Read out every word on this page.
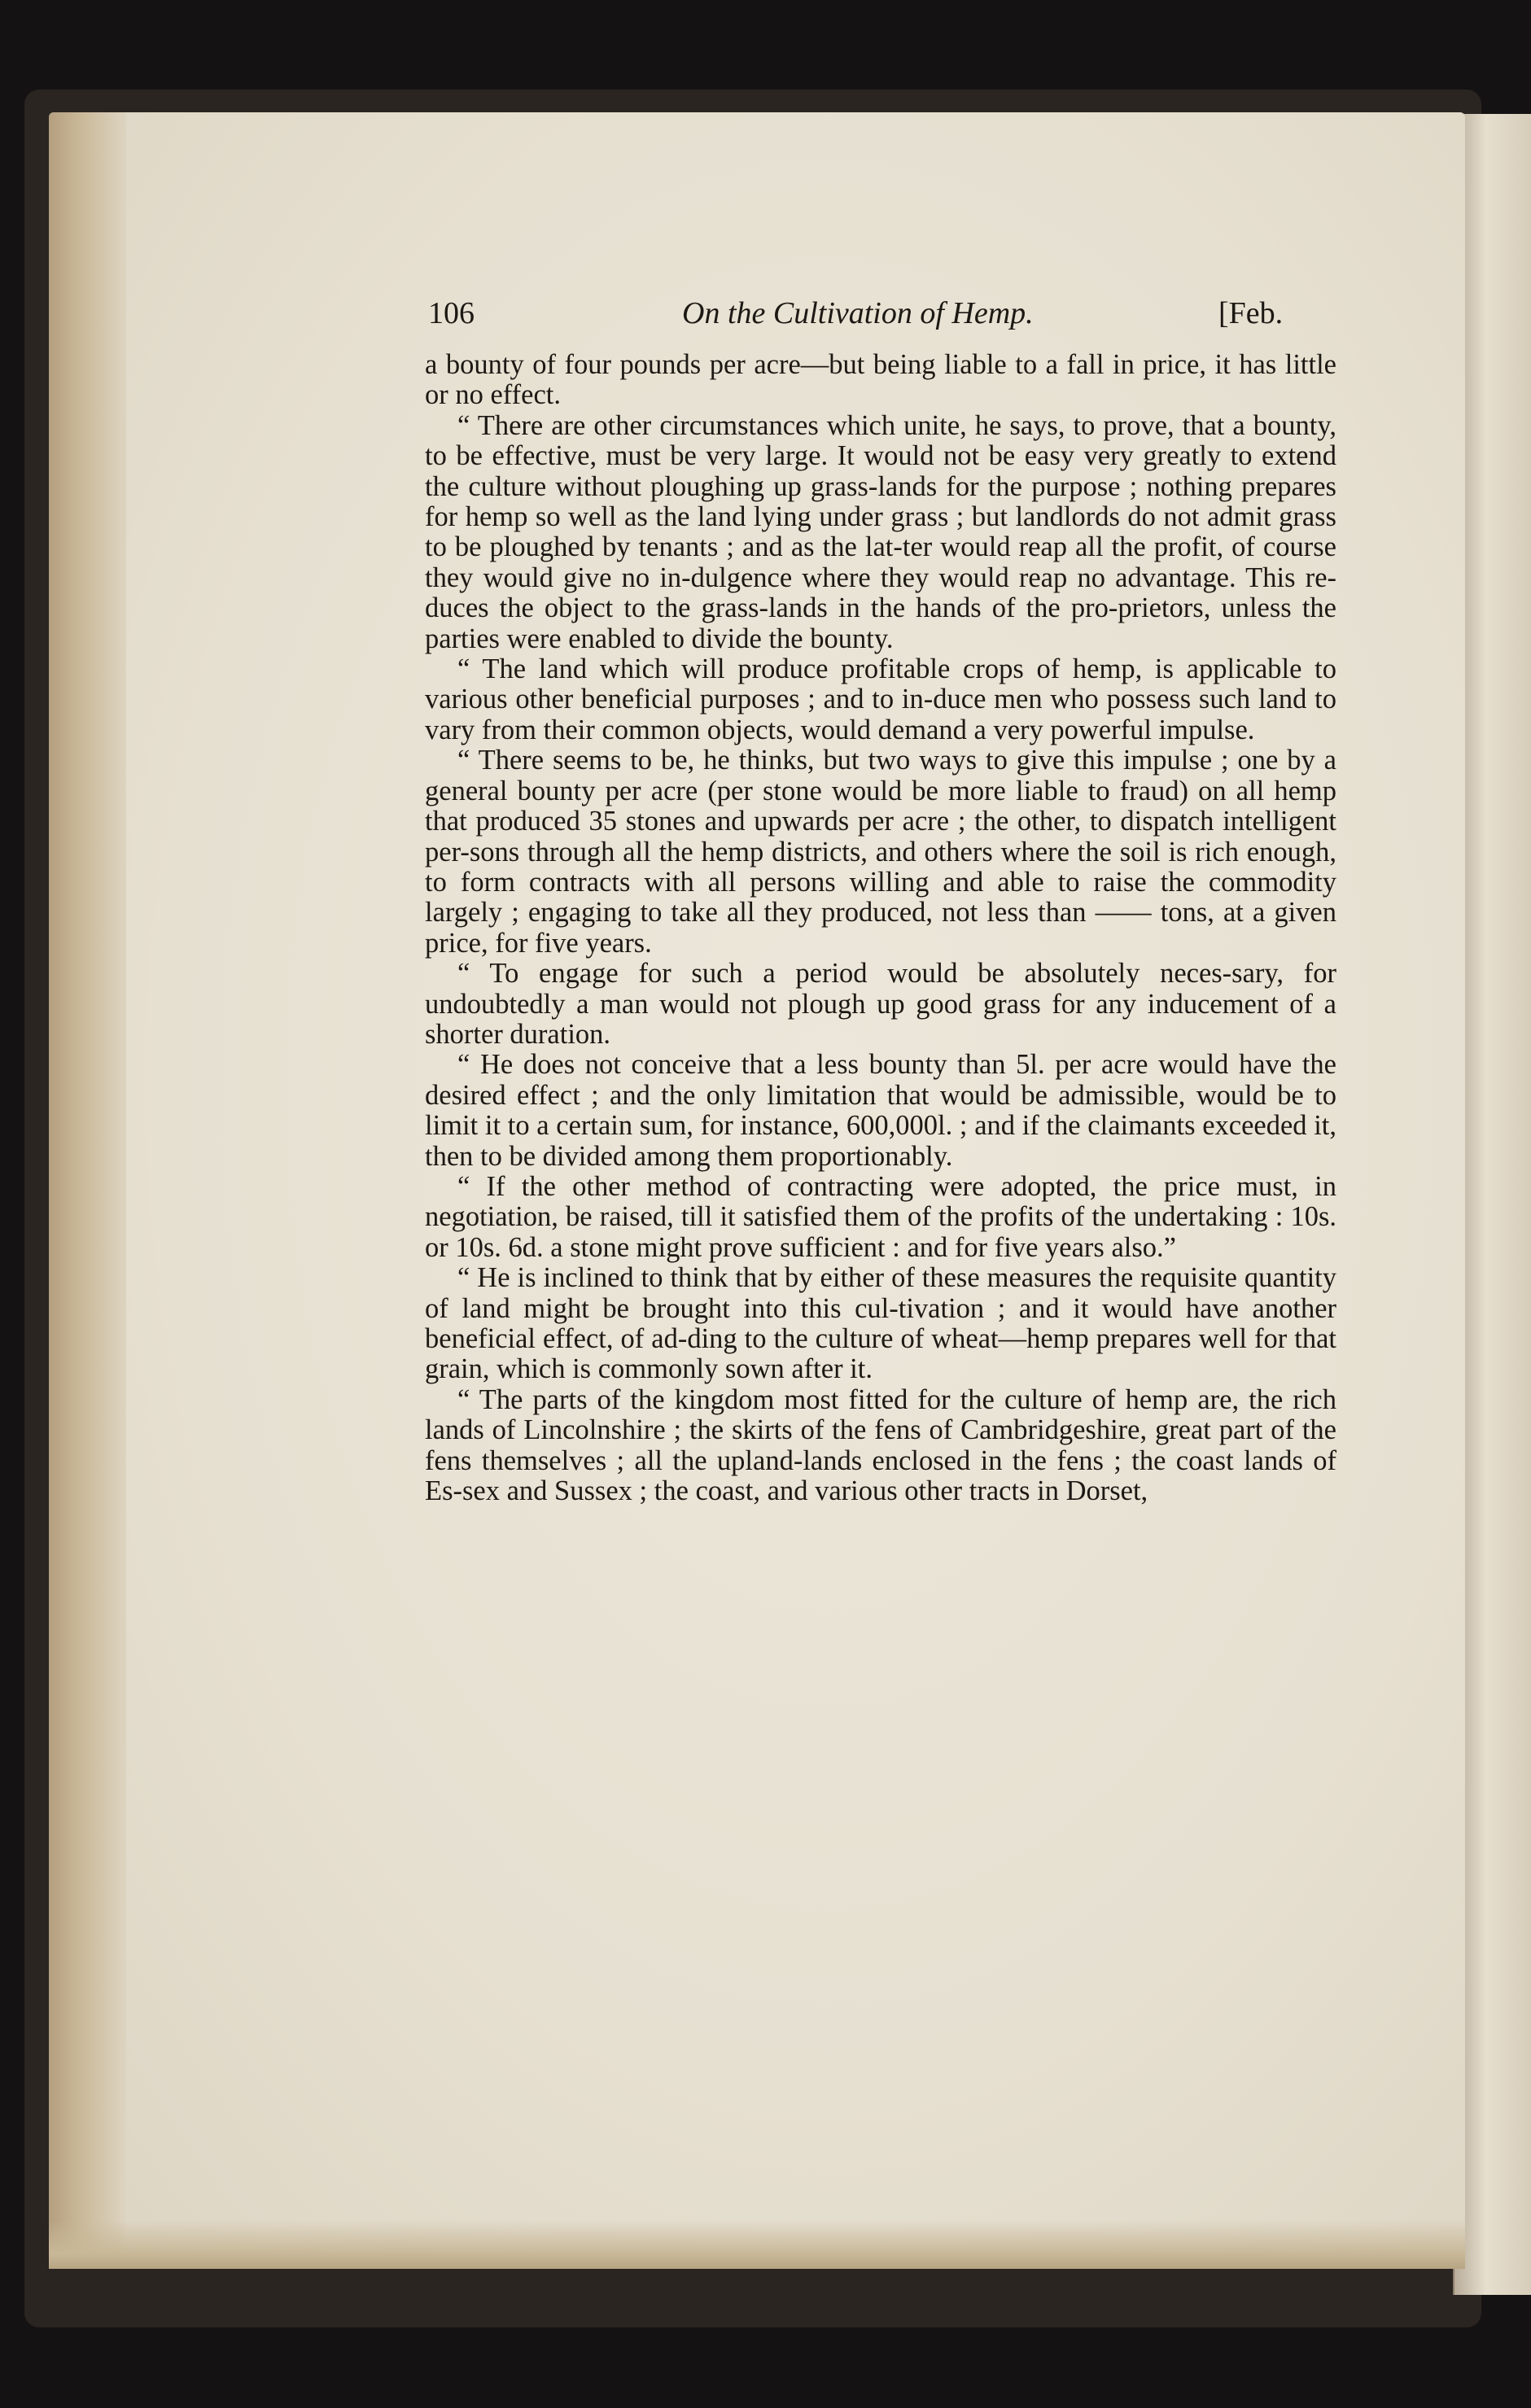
106	On the Cultivation of Hemp.	[Feb.

a bounty of four pounds per acre—but being liable to a fall in price, it has little or no effect.

“ There are other circumstances which unite, he says, to prove, that a bounty, to be effective, must be very large. It would not be easy very greatly to extend the culture without ploughing up grass-lands for the purpose ; nothing prepares for hemp so well as the land lying under grass ; but landlords do not admit grass to be ploughed by tenants ; and as the lat-ter would reap all the profit, of course they would give no in-dulgence where they would reap no advantage. This re-duces the object to the grass-lands in the hands of the pro-prietors, unless the parties were enabled to divide the bounty.

“ The land which will produce profitable crops of hemp, is applicable to various other beneficial purposes ; and to in-duce men who possess such land to vary from their common objects, would demand a very powerful impulse.

“ There seems to be, he thinks, but two ways to give this impulse ; one by a general bounty per acre (per stone would be more liable to fraud) on all hemp that produced 35 stones and upwards per acre ; the other, to dispatch intelligent per-sons through all the hemp districts, and others where the soil is rich enough, to form contracts with all persons willing and able to raise the commodity largely ; engaging to take all they produced, not less than —— tons, at a given price, for five years.

“ To engage for such a period would be absolutely neces-sary, for undoubtedly a man would not plough up good grass for any inducement of a shorter duration.

“ He does not conceive that a less bounty than 5l. per acre would have the desired effect ; and the only limitation that would be admissible, would be to limit it to a certain sum, for instance, 600,000l. ; and if the claimants exceeded it, then to be divided among them proportionably.

“ If the other method of contracting were adopted, the price must, in negotiation, be raised, till it satisfied them of the profits of the undertaking : 10s. or 10s. 6d. a stone might prove sufficient : and for five years also.”

“ He is inclined to think that by either of these measures the requisite quantity of land might be brought into this cul-tivation ; and it would have another beneficial effect, of ad-ding to the culture of wheat—hemp prepares well for that grain, which is commonly sown after it.

“ The parts of the kingdom most fitted for the culture of hemp are, the rich lands of Lincolnshire ; the skirts of the fens of Cambridgeshire, great part of the fens themselves ; all the upland-lands enclosed in the fens ; the coast lands of Es-sex and Sussex ; the coast, and various other tracts in Dorset,
